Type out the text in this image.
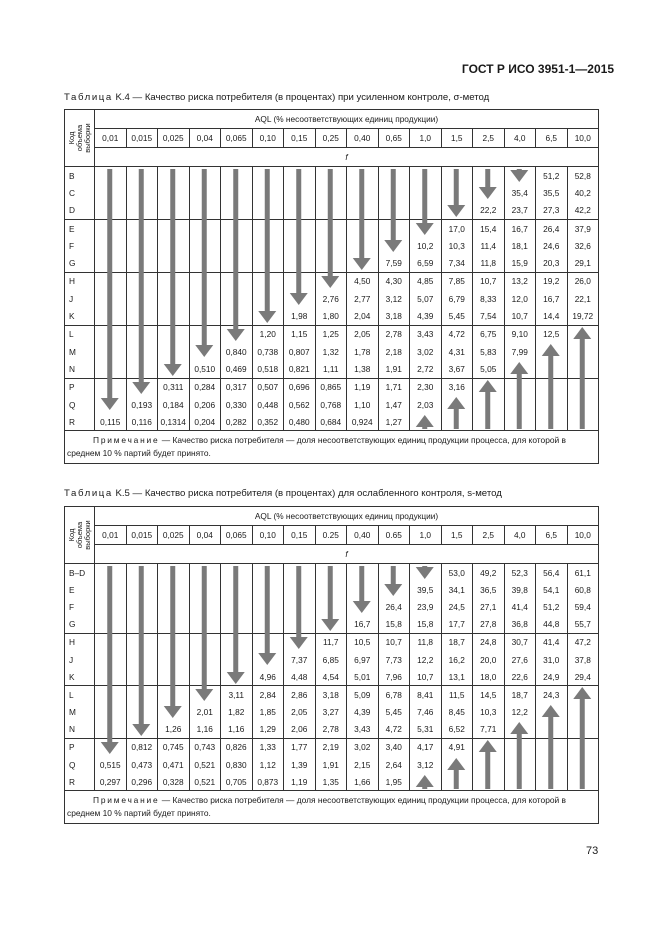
ГОСТ Р ИСО 3951-1—2015
Таблица K.4 — Качество риска потребителя (в процентах) при усиленном контроле, σ-метод
Код
объема
выборки	AQL (% несоответствующих единиц продукции)															
	0,01	0,015	0,025	0,04	0,065	0,10	0,15	0,25	0,40	0,65	1,0	1,5	2,5	4,0	6,5	10,0
	f															
B															51,2	52,8
C														35,4	35,5	40,2
D													22,2	23,7	27,3	42,2
E												17,0	15,4	16,7	26,4	37,9
F											10,2	10,3	11,4	18,1	24,6	32,6
G										7,59	6,59	7,34	11,8	15,9	20,3	29,1
H									4,50	4,30	4,85	7,85	10,7	13,2	19,2	26,0
J								2,76	2,77	3,12	5,07	6,79	8,33	12,0	16,7	22,1
K							1,98	1,80	2,04	3,18	4,39	5,45	7,54	10,7	14,4	19,72
L						1,20	1,15	1,25	2,05	2,78	3,43	4,72	6,75	9,10	12,5	
M					0,840	0,738	0,807	1,32	1,78	2,18	3,02	4,31	5,83	7,99		
N				0,510	0,469	0,518	0,821	1,11	1,38	1,91	2,72	3,67	5,05			
P			0,311	0,284	0,317	0,507	0,696	0,865	1,19	1,71	2,30	3,16				
Q		0,193	0,184	0,206	0,330	0,448	0,562	0,768	1,10	1,47	2,03					
R	0,115	0,116	0,1314	0,204	0,282	0,352	0,480	0,684	0,924	1,27						
Примечание — Качество риска потребителя — доля несоответствующих единиц продукции процесса, для которой в среднем 10 % партий будет принято.																
Таблица K.5 — Качество риска потребителя (в процентах) для ослабленного контроля, s-метод
Код
объема
выборки	AQL (% несоответствующих единиц продукции)															
	0,01	0,015	0,025	0,04	0,065	0,10	0,15	0.25	0,40	0.65	1,0	1,5	2,5	4,0	6,5	10,0
	f															
B–D												53,0	49,2	52,3	56,4	61,1
E											39,5	34,1	36,5	39,8	54,1	60,8
F										26,4	23,9	24,5	27,1	41,4	51,2	59,4
G									16,7	15,8	15,8	17,7	27,8	36,8	44,8	55,7
H								11,7	10,5	10,7	11,8	18,7	24,8	30,7	41,4	47,2
J							7,37	6,85	6,97	7,73	12,2	16,2	20,0	27,6	31,0	37,8
K						4,96	4,48	4,54	5,01	7,96	10,7	13,1	18,0	22,6	24,9	29,4
L					3,11	2,84	2,86	3,18	5,09	6,78	8,41	11,5	14,5	18,7	24,3	
M				2,01	1,82	1,85	2,05	3,27	4,39	5,45	7,46	8,45	10,3	12,2		
N			1,26	1,16	1,16	1,29	2,06	2,78	3,43	4,72	5,31	6,52	7,71			
P		0,812	0,745	0,743	0,826	1,33	1,77	2,19	3,02	3,40	4,17	4,91				
Q	0,515	0,473	0,471	0,521	0,830	1,12	1,39	1,91	2,15	2,64	3,12					
R	0,297	0,296	0,328	0,521	0,705	0,873	1,19	1,35	1,66	1,95						
Примечание — Качество риска потребителя — доля несоответствующих единиц продукции процесса, для которой в среднем 10 % партий будет принято.																
73
